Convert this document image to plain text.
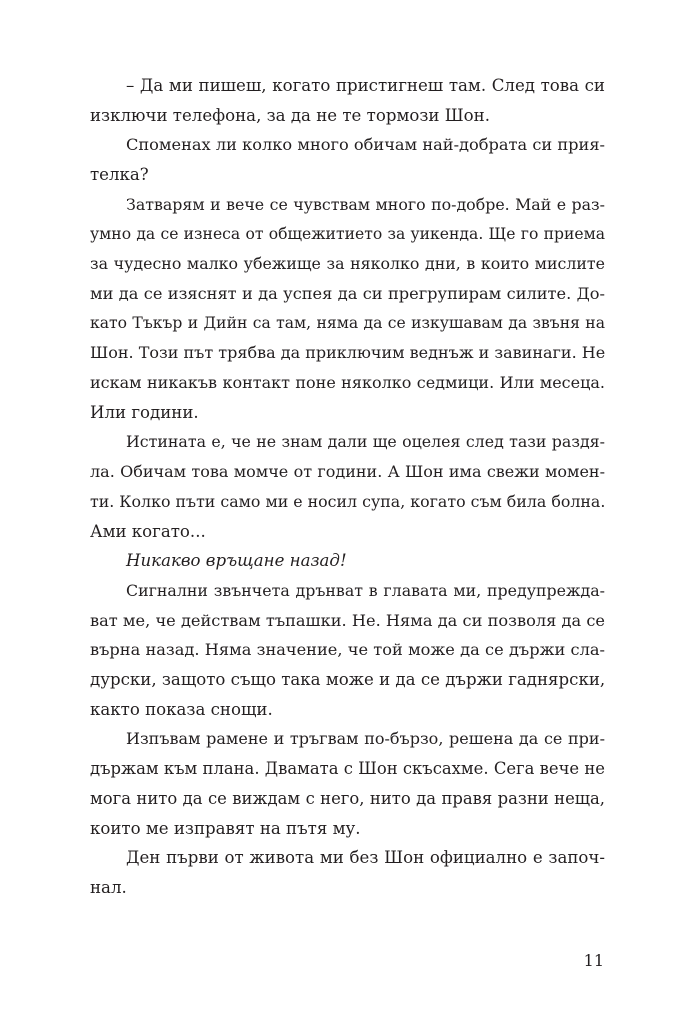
– Да ми пишеш, когато пристигнеш там. След това си
изключи телефона, за да не те тормози Шон.
Споменах ли колко много обичам най-добрата си прия-
телка?
Затварям и вече се чувствам много по-добре. Май е раз-
умно да се изнеса от общежитието за уикенда. Ще го приема
за чудесно малко убежище за няколко дни, в които мислите
ми да се изяснят и да успея да си прегрупирам силите. До-
като Тъкър и Дийн са там, няма да се изкушавам да звъня на
Шон. Този път трябва да приключим веднъж и завинаги. Не
искам никакъв контакт поне няколко седмици. Или месеца.
Или години.
Истината е, че не знам дали ще оцелея след тази раздя-
ла. Обичам това момче от години. А Шон има свежи момен-
ти. Колко пъти само ми е носил супа, когато съм била болна.
Ами когато...
Никакво връщане назад!
Сигнални звънчета дрънват в главата ми, предупрежда-
ват ме, че действам тъпашки. Не. Няма да си позволя да се
върна назад. Няма значение, че той може да се държи сла-
дурски, защото също така може и да се държи гаднярски,
както показа снощи.
Изпъвам рамене и тръгвам по-бързо, решена да се при-
държам към плана. Двамата с Шон скъсахме. Сега вече не
мога нито да се виждам с него, нито да правя разни неща,
които ме изправят на пътя му.
Ден първи от живота ми без Шон официално е започ-
нал.
11
